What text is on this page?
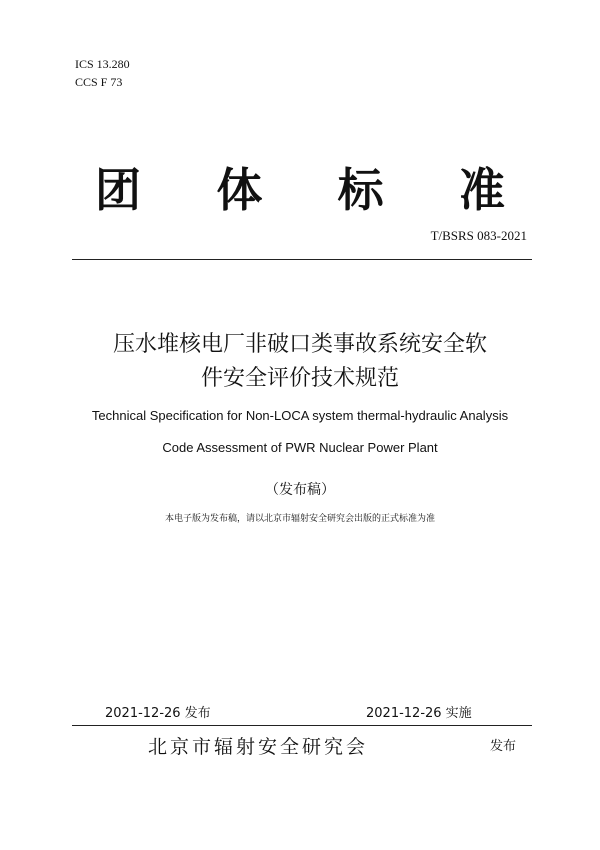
ICS 13.280
CCS F 73
团 体 标 准
T/BSRS 083-2021
压水堆核电厂非破口类事故系统安全软
件安全评价技术规范
Technical Specification for Non-LOCA system thermal-hydraulic Analysis
Code Assessment of PWR Nuclear Power Plant
（发布稿）
本电子版为发布稿，请以北京市辐射安全研究会出版的正式标准为准
2021-12-26 发布	2021-12-26 实施
北京市辐射安全研究会	发布
